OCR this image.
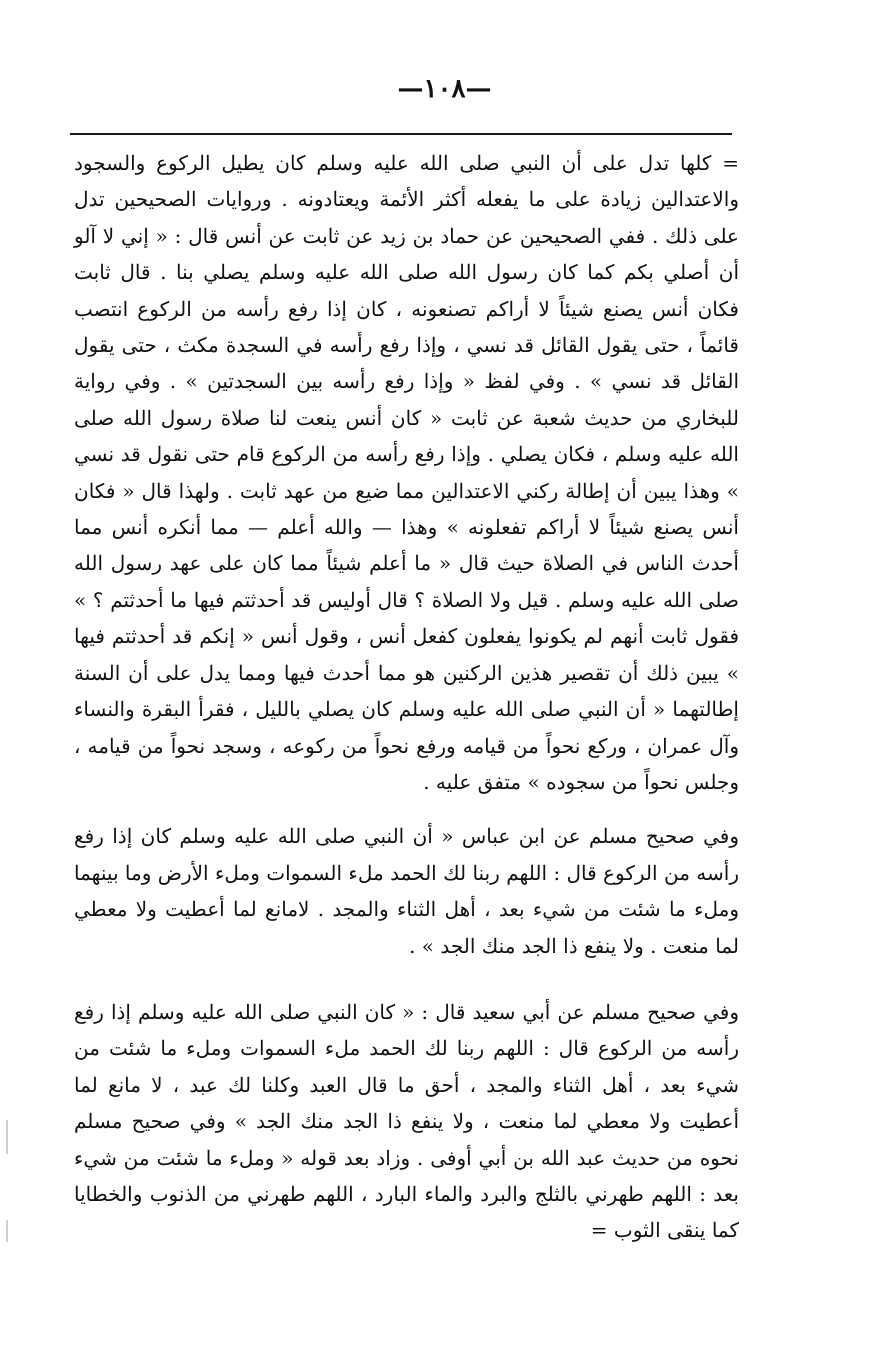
—١٠٨—

= كلها تدل على أن النبي صلى الله عليه وسلم كان يطيل الركوع والسجود والاعتدالين زيادة على ما يفعله أكثر الأئمة ويعتادونه . وروايات الصحيحين تدل على ذلك . ففي الصحيحين عن حماد بن زيد عن ثابت عن أنس قال : « إني لا آلو أن أصلي بكم كما كان رسول الله صلى الله عليه وسلم يصلي بنا . قال ثابت فكان أنس يصنع شيئاً لا أراكم تصنعونه ، كان إذا رفع رأسه من الركوع انتصب قائماً ، حتى يقول القائل قد نسي ، وإذا رفع رأسه في السجدة مكث ، حتى يقول القائل قد نسي » . وفي لفظ « وإذا رفع رأسه بين السجدتين » . وفي رواية للبخاري من حديث شعبة عن ثابت « كان أنس ينعت لنا صلاة رسول الله صلى الله عليه وسلم ، فكان يصلي . وإذا رفع رأسه من الركوع قام حتى نقول قد نسي » وهذا يبين أن إطالة ركني الاعتدالين مما ضيع من عهد ثابت . ولهذا قال « فكان أنس يصنع شيئاً لا أراكم تفعلونه » وهذا — والله أعلم — مما أنكره أنس مما أحدث الناس في الصلاة حيث قال « ما أعلم شيئاً مما كان على عهد رسول الله صلى الله عليه وسلم . قيل ولا الصلاة ؟ قال أوليس قد أحدثتم فيها ما أحدثتم ؟ » فقول ثابت أنهم لم يكونوا يفعلون كفعل أنس ، وقول أنس « إنكم قد أحدثتم فيها » يبين ذلك أن تقصير هذين الركنين هو مما أحدث فيها ومما يدل على أن السنة إطالتهما « أن النبي صلى الله عليه وسلم كان يصلي بالليل ، فقرأ البقرة والنساء وآل عمران ، وركع نحواً من قيامه ورفع نحواً من ركوعه ، وسجد نحواً من قيامه ، وجلس نحواً من سجوده » متفق عليه .

وفي صحيح مسلم عن ابن عباس « أن النبي صلى الله عليه وسلم كان إذا رفع رأسه من الركوع قال : اللهم ربنا لك الحمد ملء السموات وملء الأرض وما بينهما وملء ما شئت من شيء بعد ، أهل الثناء والمجد . لامانع لما أعطيت ولا معطي لما منعت . ولا ينفع ذا الجد منك الجد » .

وفي صحيح مسلم عن أبي سعيد قال : « كان النبي صلى الله عليه وسلم إذا رفع رأسه من الركوع قال : اللهم ربنا لك الحمد ملء السموات وملء ما شئت من شيء بعد ، أهل الثناء والمجد ، أحق ما قال العبد وكلنا لك عبد ، لا مانع لما أعطيت ولا معطي لما منعت ، ولا ينفع ذا الجد منك الجد » وفي صحيح مسلم نحوه من حديث عبد الله بن أبي أوفى . وزاد بعد قوله « وملء ما شئت من شيء بعد : اللهم طهرني بالثلج والبرد والماء البارد ، اللهم طهرني من الذنوب والخطايا كما ينقى الثوب =
